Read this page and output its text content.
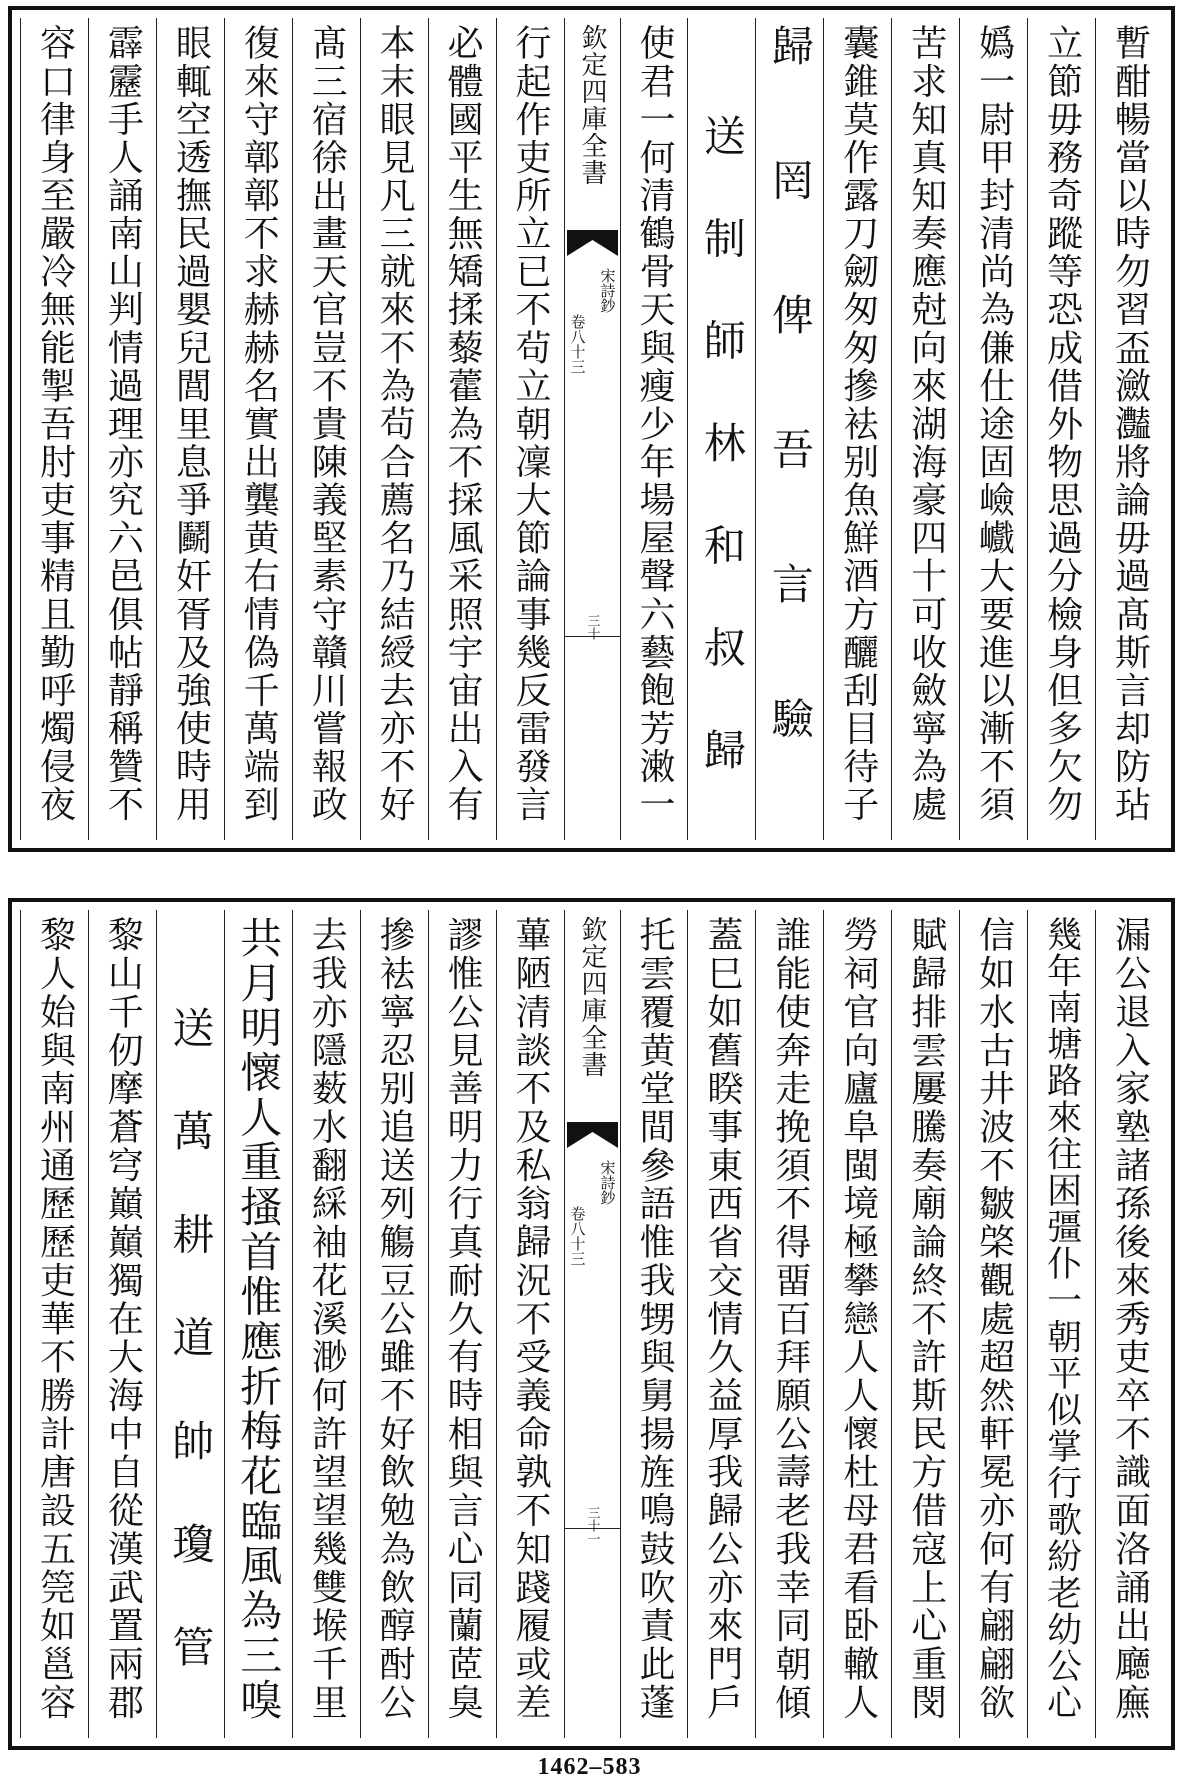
暫酣暢當以時勿習盃瀲灎將論毋過髙斯言却防玷
立節毋務奇蹤等恐成借外物思過分檢身但多欠勿
嬀一尉甲封清尚為傔仕途固嶮巇大要進以漸不須
苦求知真知奏應尅向來湖海豪四十可收斂寧為處
囊錐莫作露刀劒匆匆摻袪别魚鮮酒方釃刮目待子
歸罔俾吾言驗
送制師林和叔歸
使君一何清鶴骨天與瘦少年場屋聲六藝飽芳潄一
欽定四庫全書
宋詩鈔
卷八十三
三十
行起作吏所立已不茍立朝凜大節論事幾反雷發言
必體國平生無矯揉藜藿為不採風采照宇宙出入有
本末眼見凡三就來不為茍合薦名乃結綬去亦不好
髙三宿徐出畫天官豈不貴陳義堅素守贛川嘗報政
復來守鄣鄣不求赫赫名實出龔黄右情偽千萬端到
眼輒空透撫民過嬰兒閭里息爭鬬奸胥及強使時用
霹靂手人誦南山判情過理亦究六邑俱帖靜稱贊不
容口律身至嚴冷無能掣吾肘吏事精且勤呼燭侵夜
漏公退入家塾諸孫後來秀吏卒不識面洛誦出廰廡
幾年南塘路來往困彊仆一朝平似掌行歌紛老幼公心
信如水古井波不皺棨觀處超然軒冕亦何有翩翩欲
賦歸排雲屢騰奏廟論終不許斯民方借寇上心重閔
勞祠官向廬阜閩境極攀戀人人懷杜母君看卧轍人
誰能使奔走挽須不得畱百拜願公壽老我幸同朝傾
蓋巳如舊睽事東西省交情久益厚我歸公亦來門戶
托雲覆黄堂間參語惟我甥與舅揚旌鳴鼓吹責此蓬
欽定四庫全書
宋詩鈔
卷八十三
三十一
蓽陋清談不及私翁歸況不受義命孰不知踐履或差
謬惟公見善明力行真耐久有時相與言心同蘭茝臭
摻袪寧忍别追送列觴豆公雖不好飲勉為飲醇酎公
去我亦隱薮水翻綵袖花溪渺何許望望幾雙堠千里
共月明懷人重搔首惟應折梅花臨風為三嗅
送萬耕道帥瓊管
黎山千仞摩蒼穹巔巔獨在大海中自從漢武置兩郡
黎人始與南州通歷歷吏華不勝計唐設五筦如邕容
1462–583
